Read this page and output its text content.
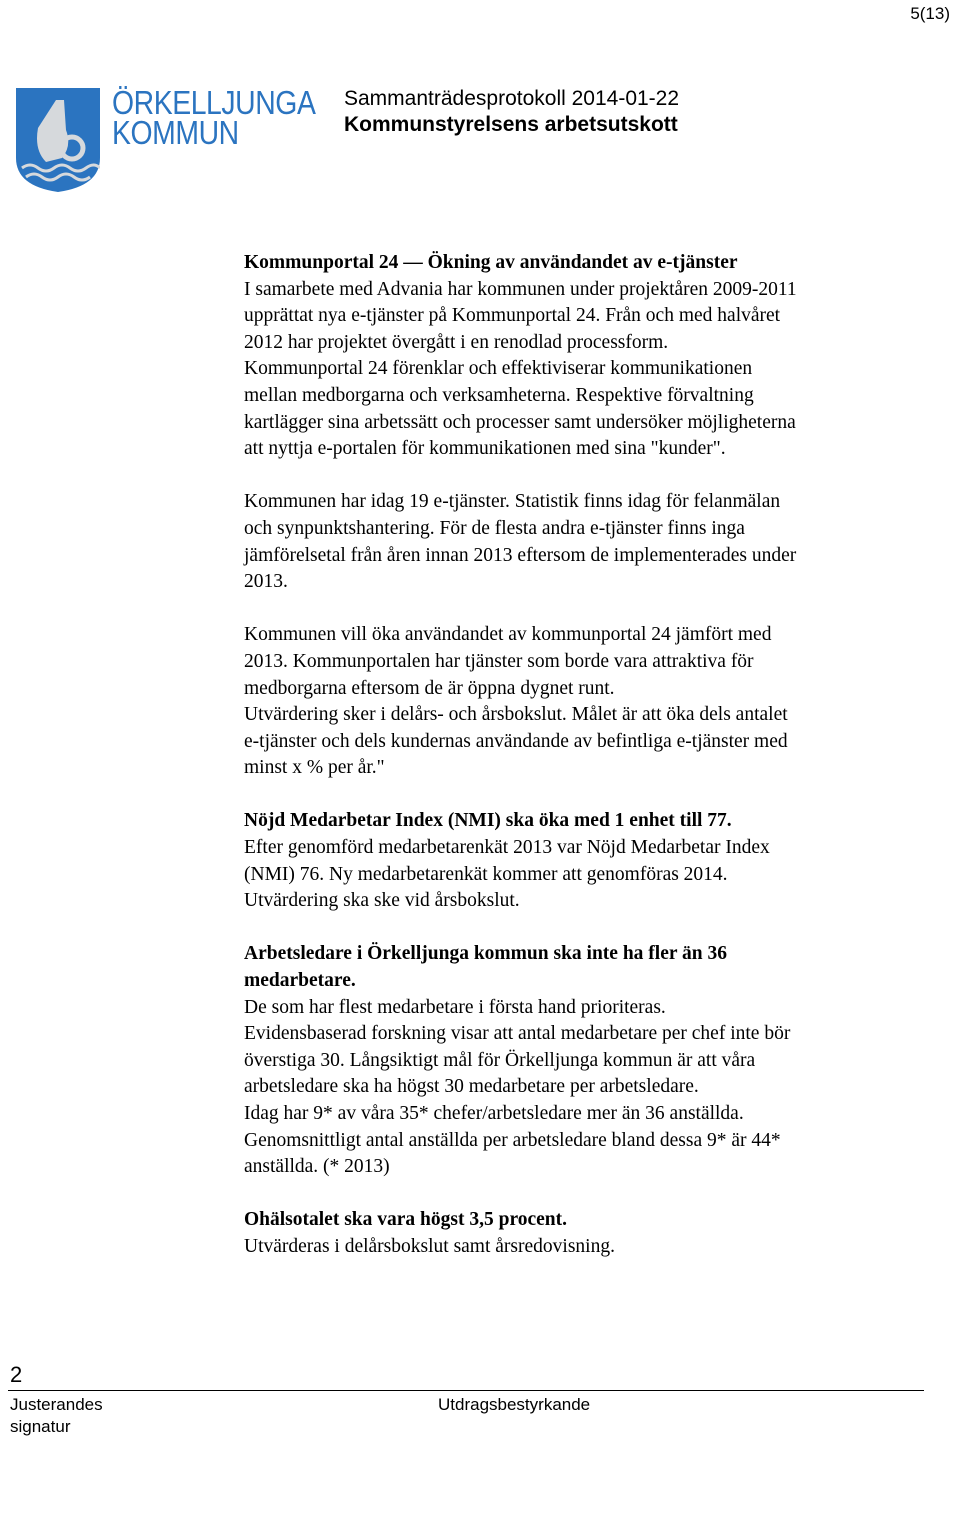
5(13)
ÖRKELLJUNGA
KOMMUN
Sammanträdesprotokoll 2014-01-22
Kommunstyrelsens arbetsutskott
Kommunportal 24 — Ökning av användandet av e-tjänster
I samarbete med Advania har kommunen under projektåren 2009-2011
upprättat nya e-tjänster på Kommunportal 24. Från och med halvåret
2012 har projektet övergått i en renodlad processform.
Kommunportal 24 förenklar och effektiviserar kommunikationen
mellan medborgarna och verksamheterna. Respektive förvaltning
kartlägger sina arbetssätt och processer samt undersöker möjligheterna
att nyttja e-portalen för kommunikationen med sina "kunder".
Kommunen har idag 19 e-tjänster. Statistik finns idag för felanmälan
och synpunktshantering. För de flesta andra e-tjänster finns inga
jämförelsetal från åren innan 2013 eftersom de implementerades under
2013.
Kommunen vill öka användandet av kommunportal 24 jämfört med
2013. Kommunportalen har tjänster som borde vara attraktiva för
medborgarna eftersom de är öppna dygnet runt.
Utvärdering sker i delårs- och årsbokslut. Målet är att öka dels antalet
e-tjänster och dels kundernas användande av befintliga e-tjänster med
minst x % per år."
Nöjd Medarbetar Index (NMI) ska öka med 1 enhet till 77.
Efter genomförd medarbetarenkät 2013 var Nöjd Medarbetar Index
(NMI) 76. Ny medarbetarenkät kommer att genomföras 2014.
Utvärdering ska ske vid årsbokslut.
Arbetsledare i Örkelljunga kommun ska inte ha fler än 36
medarbetare.
De som har flest medarbetare i första hand prioriteras.
Evidensbaserad forskning visar att antal medarbetare per chef inte bör
överstiga 30. Långsiktigt mål för Örkelljunga kommun är att våra
arbetsledare ska ha högst 30 medarbetare per arbetsledare.
Idag har 9* av våra 35* chefer/arbetsledare mer än 36 anställda.
Genomsnittligt antal anställda per arbetsledare bland dessa 9* är 44*
anställda. (* 2013)
Ohälsotalet ska vara högst 3,5 procent.
Utvärderas i delårsbokslut samt årsredovisning.
2
Justerandes
signatur
Utdragsbestyrkande
